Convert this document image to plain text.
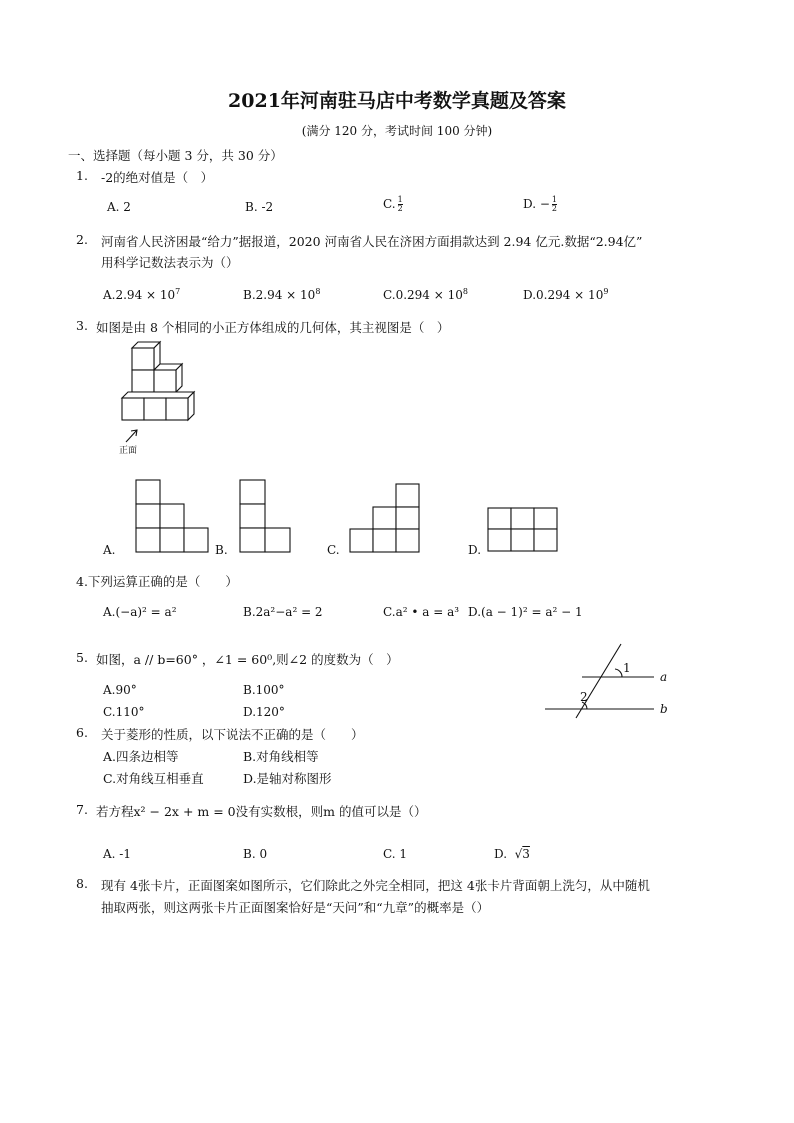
2021年河南驻马店中考数学真题及答案
(满分 120 分，考试时间 100 分钟)
一、选择题（每小题 3 分，共 30 分）
1. -2的绝对值是（　）
A. 2	B. -2	C. $\frac{1}{2}$	D. − $\frac{1}{2}$
2. 河南省人民济困最“给力”据报道，2020 河南省人民在济困方面捐款达到 2.94 亿元.数据“2.94亿”
用科学记数法表示为（）
$A.2.94 \times 10^7$	$B.2.94 \times 10^8$	$C.0.294 \times 10^8$	$D.0.294 \times 10^9$
3. 如图是由 8 个相同的小正方体组成的几何体，其主视图是（　）
正面
A.	B.	C.	D.
4.下列运算正确的是（　　）
A.(−a)² = a²	B.2a²−a² = 2	C.a² • a = a³ D.(a − 1)² = a² − 1
5. 如图，a // b=60° ，∠1 = 60⁰,则∠2 的度数为（　）
A.90°	B.100°
C.110°	D.120°
1
2
a
b
6. 关于菱形的性质，以下说法不正确的是（　　）
A.四条边相等	B.对角线相等
C.对角线互相垂直	D.是轴对称图形
7. 若方程x² − 2x + m = 0没有实数根，则m 的值可以是（）
A. -1	B. 0	C. 1	D.  √3
8. 现有 4张卡片，正面图案如图所示，它们除此之外完全相同，把这 4张卡片背面朝上洗匀，从中随机
抽取两张，则这两张卡片正面图案恰好是“天问”和“九章”的概率是（）
